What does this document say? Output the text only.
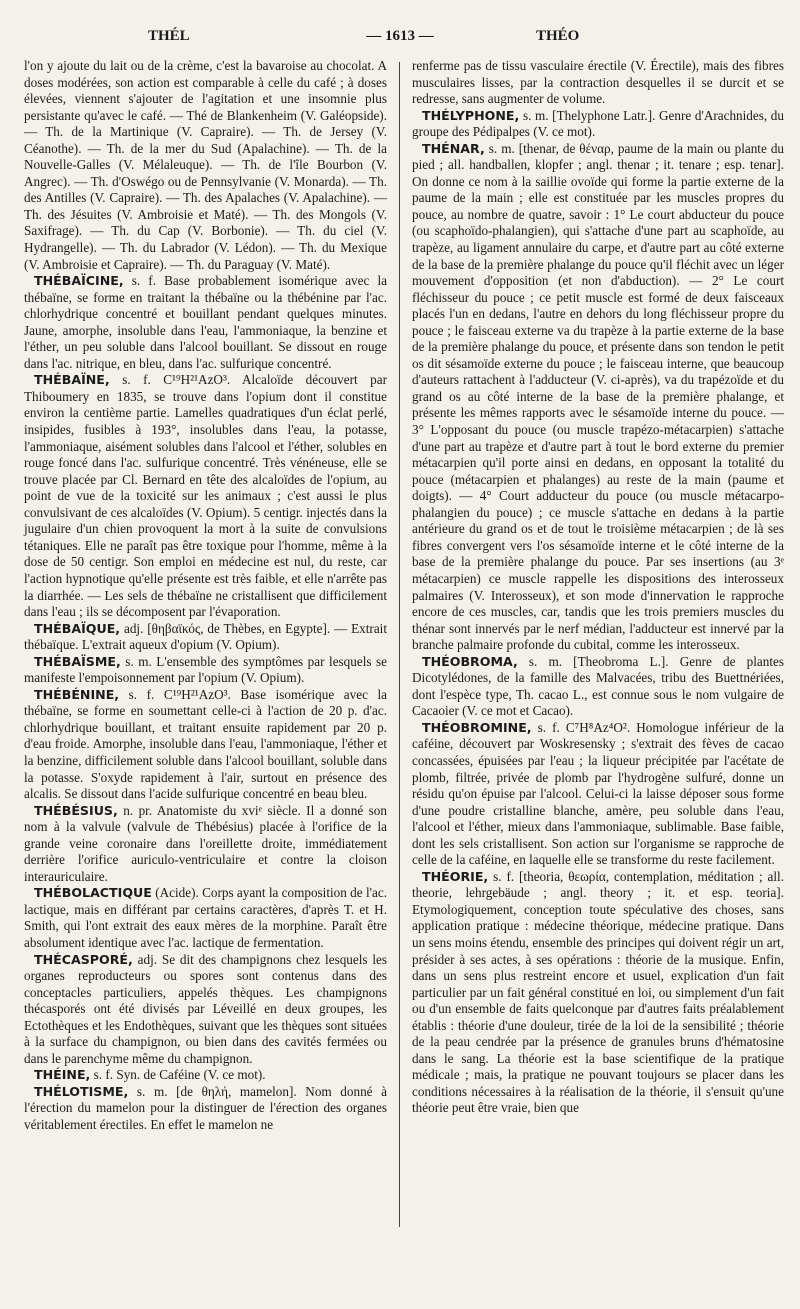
THÉL	— 1613 —	THÉO

l'on y ajoute du lait ou de la crème, c'est la bavaroise au chocolat. A doses modérées, son action est comparable à celle du café ; à doses élevées, viennent s'ajouter de l'agitation et une insomnie plus persistante qu'avec le café. — Thé de Blankenheim (V. Galéopside). — Th. de la Martinique (V. Capraire). — Th. de Jersey (V. Céanothe). — Th. de la mer du Sud (Apalachine). — Th. de la Nouvelle-Galles (V. Mélaleuque). — Th. de l'île Bourbon (V. Angrec). — Th. d'Oswégo ou de Pennsylvanie (V. Monarda). — Th. des Antilles (V. Capraire). — Th. des Apalaches (V. Apalachine). — Th. des Jésuites (V. Ambroisie et Maté). — Th. des Mongols (V. Saxifrage). — Th. du Cap (V. Borbonie). — Th. du ciel (V. Hydrangelle). — Th. du Labrador (V. Lédon). — Th. du Mexique (V. Ambroisie et Capraire). — Th. du Paraguay (V. Maté).

THÉBAÏCINE, s. f. Base probablement isomérique avec la thébaïne, se forme en traitant la thébaïne ou la thébénine par l'ac. chlorhydrique concentré et bouillant pendant quelques minutes. Jaune, amorphe, insoluble dans l'eau, l'ammoniaque, la benzine et l'éther, un peu soluble dans l'alcool bouillant. Se dissout en rouge dans l'ac. nitrique, en bleu, dans l'ac. sulfurique concentré.

THÉBAÏNE, s. f. C¹⁹H²¹AzO³. Alcaloïde découvert par Thiboumery en 1835, se trouve dans l'opium dont il constitue environ la centième partie. Lamelles quadratiques d'un éclat perlé, insipides, fusibles à 193°, insolubles dans l'eau, la potasse, l'ammoniaque, aisément solubles dans l'alcool et l'éther, solubles en rouge foncé dans l'ac. sulfurique concentré. Très vénéneuse, elle se trouve placée par Cl. Bernard en tête des alcaloïdes de l'opium, au point de vue de la toxicité sur les animaux ; c'est aussi le plus convulsivant de ces alcaloïdes (V. Opium). 5 centigr. injectés dans la jugulaire d'un chien provoquent la mort à la suite de convulsions tétaniques. Elle ne paraît pas être toxique pour l'homme, même à la dose de 50 centigr. Son emploi en médecine est nul, du reste, car l'action hypnotique qu'elle présente est très faible, et elle n'arrête pas la diarrhée. — Les sels de thébaïne ne cristallisent que difficilement dans l'eau ; ils se décomposent par l'évaporation.

THÉBAÏQUE, adj. [θηβαϊκός, de Thèbes, en Egypte]. — Extrait thébaïque. L'extrait aqueux d'opium (V. Opium).

THÉBAÏSME, s. m. L'ensemble des symptômes par lesquels se manifeste l'empoisonnement par l'opium (V. Opium).

THÉBÉNINE, s. f. C¹⁹H²¹AzO³. Base isomérique avec la thébaïne, se forme en soumettant celle-ci à l'action de 20 p. d'ac. chlorhydrique bouillant, et traitant ensuite rapidement par 20 p. d'eau froide. Amorphe, insoluble dans l'eau, l'ammoniaque, l'éther et la benzine, difficilement soluble dans l'alcool bouillant, soluble dans la potasse. S'oxyde rapidement à l'air, surtout en présence des alcalis. Se dissout dans l'acide sulfurique concentré en beau bleu.

THÉBÉSIUS, n. pr. Anatomiste du xviᵉ siècle. Il a donné son nom à la valvule (valvule de Thébésius) placée à l'orifice de la grande veine coronaire dans l'oreillette droite, immédiatement derrière l'orifice auriculo-ventriculaire et contre la cloison interauriculaire.

THÉBOLACTIQUE (Acide). Corps ayant la composition de l'ac. lactique, mais en différant par certains caractères, d'après T. et H. Smith, qui l'ont extrait des eaux mères de la morphine. Paraît être absolument identique avec l'ac. lactique de fermentation.

THÉCASPORÉ, adj. Se dit des champignons chez lesquels les organes reproducteurs ou spores sont contenus dans des conceptacles particuliers, appelés thèques. Les champignons thécasporés ont été divisés par Léveillé en deux groupes, les Ectothèques et les Endothèques, suivant que les thèques sont situées à la surface du champignon, ou bien dans des cavités fermées ou dans le parenchyme même du champignon.

THÉINE, s. f. Syn. de Caféine (V. ce mot).

THÉLOTISME, s. m. [de θηλή, mamelon]. Nom donné à l'érection du mamelon pour la distinguer de l'érection des organes véritablement érectiles. En effet le mamelon ne

renferme pas de tissu vasculaire érectile (V. Érectile), mais des fibres musculaires lisses, par la contraction desquelles il se durcit et se redresse, sans augmenter de volume.

THÉLYPHONE, s. m. [Thelyphone Latr.]. Genre d'Arachnides, du groupe des Pédipalpes (V. ce mot).

THÉNAR, s. m. [thenar, de θέναρ, paume de la main ou plante du pied ; all. handballen, klopfer ; angl. thenar ; it. tenare ; esp. tenar]. On donne ce nom à la saillie ovoïde qui forme la partie externe de la paume de la main ; elle est constituée par les muscles propres du pouce, au nombre de quatre, savoir : 1° Le court abducteur du pouce (ou scaphoïdo-phalangien), qui s'attache d'une part au scaphoïde, au trapèze, au ligament annulaire du carpe, et d'autre part au côté externe de la base de la première phalange du pouce qu'il fléchit avec un léger mouvement d'opposition (et non d'abduction). — 2° Le court fléchisseur du pouce ; ce petit muscle est formé de deux faisceaux placés l'un en dedans, l'autre en dehors du long fléchisseur propre du pouce ; le faisceau externe va du trapèze à la partie externe de la base de la première phalange du pouce, et présente dans son tendon le petit os dit sésamoïde externe du pouce ; le faisceau interne, que beaucoup d'auteurs rattachent à l'adducteur (V. ci-après), va du trapézoïde et du grand os au côté interne de la base de la première phalange, et présente les mêmes rapports avec le sésamoïde interne du pouce. — 3° L'opposant du pouce (ou muscle trapézo-métacarpien) s'attache d'une part au trapèze et d'autre part à tout le bord externe du premier métacarpien qu'il porte ainsi en dedans, en opposant la totalité du pouce (métacarpien et phalanges) au reste de la main (paume et doigts). — 4° Court adducteur du pouce (ou muscle métacarpo-phalangien du pouce) ; ce muscle s'attache en dedans à la partie antérieure du grand os et de tout le troisième métacarpien ; de là ses fibres convergent vers l'os sésamoïde interne et le côté interne de la base de la première phalange du pouce. Par ses insertions (au 3ᵉ métacarpien) ce muscle rappelle les dispositions des interosseux palmaires (V. Interosseux), et son mode d'innervation le rapproche encore de ces muscles, car, tandis que les trois premiers muscles du thénar sont innervés par le nerf médian, l'adducteur est innervé par la branche palmaire profonde du cubital, comme les interosseux.

THÉOBROMA, s. m. [Theobroma L.]. Genre de plantes Dicotylédones, de la famille des Malvacées, tribu des Buettnériées, dont l'espèce type, Th. cacao L., est connue sous le nom vulgaire de Cacaoier (V. ce mot et Cacao).

THÉOBROMINE, s. f. C⁷H⁸Az⁴O². Homologue inférieur de la caféine, découvert par Woskresensky ; s'extrait des fèves de cacao concassées, épuisées par l'eau ; la liqueur précipitée par l'acétate de plomb, filtrée, privée de plomb par l'hydrogène sulfuré, donne un résidu qu'on épuise par l'alcool. Celui-ci la laisse déposer sous forme d'une poudre cristalline blanche, amère, peu soluble dans l'eau, l'alcool et l'éther, mieux dans l'ammoniaque, sublimable. Base faible, dont les sels cristallisent. Son action sur l'organisme se rapproche de celle de la caféine, en laquelle elle se transforme du reste facilement.

THÉORIE, s. f. [theoria, θεωρία, contemplation, méditation ; all. theorie, lehrgebäude ; angl. theory ; it. et esp. teoria]. Etymologiquement, conception toute spéculative des choses, sans application pratique : médecine théorique, médecine pratique. Dans un sens moins étendu, ensemble des principes qui doivent régir un art, présider à ses actes, à ses opérations : théorie de la musique. Enfin, dans un sens plus restreint encore et usuel, explication d'un fait particulier par un fait général constitué en loi, ou simplement d'un fait ou d'un ensemble de faits quelconque par d'autres faits préalablement établis : théorie d'une douleur, tirée de la loi de la sensibilité ; théorie de la peau cendrée par la présence de granules bruns d'hématosine dans le sang. La théorie est la base scientifique de la pratique médicale ; mais, la pratique ne pouvant toujours se placer dans les conditions nécessaires à la réalisation de la théorie, il s'ensuit qu'une théorie peut être vraie, bien que
